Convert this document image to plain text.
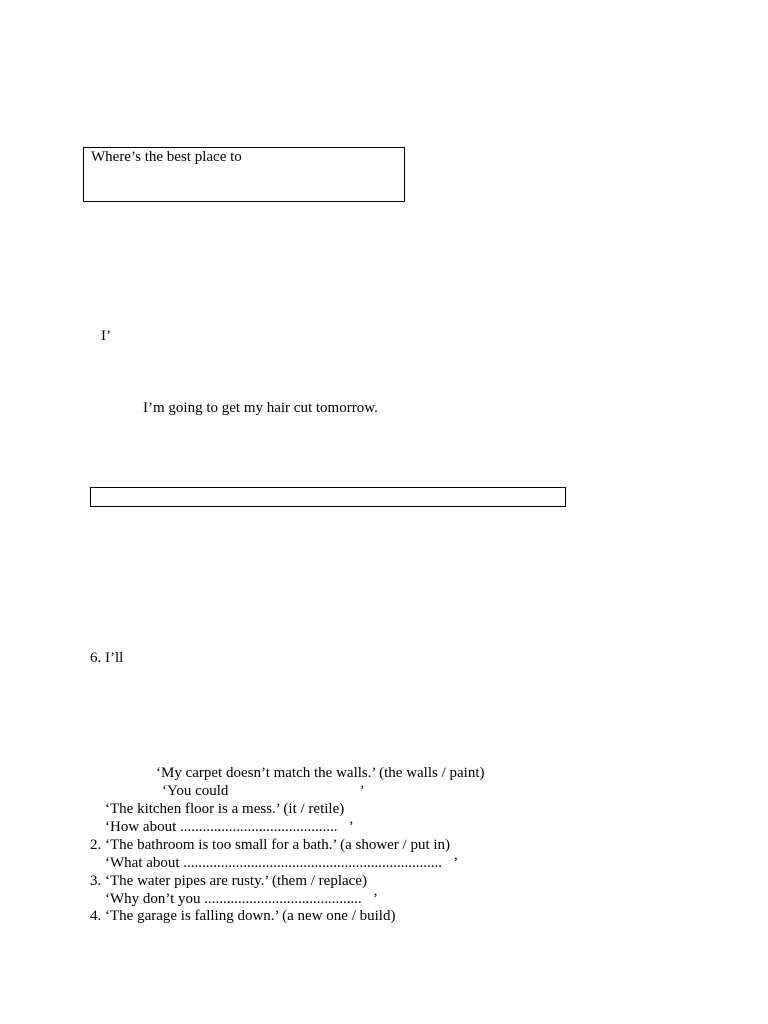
Where’s the best place to
I’
I’m going to get my hair cut tomorrow.
6. I’ll
‘My carpet doesn’t match the walls.’ (the walls / paint)
‘You could                                   ’
‘The kitchen floor is a mess.’ (it / retile)
‘How about ..........................................   ’
2. ‘The bathroom is too small for a bath.’ (a shower / put in)
‘What about .....................................................................   ’
3. ‘The water pipes are rusty.’ (them / replace)
‘Why don’t you ..........................................   ’
4. ‘The garage is falling down.’ (a new one / build)
